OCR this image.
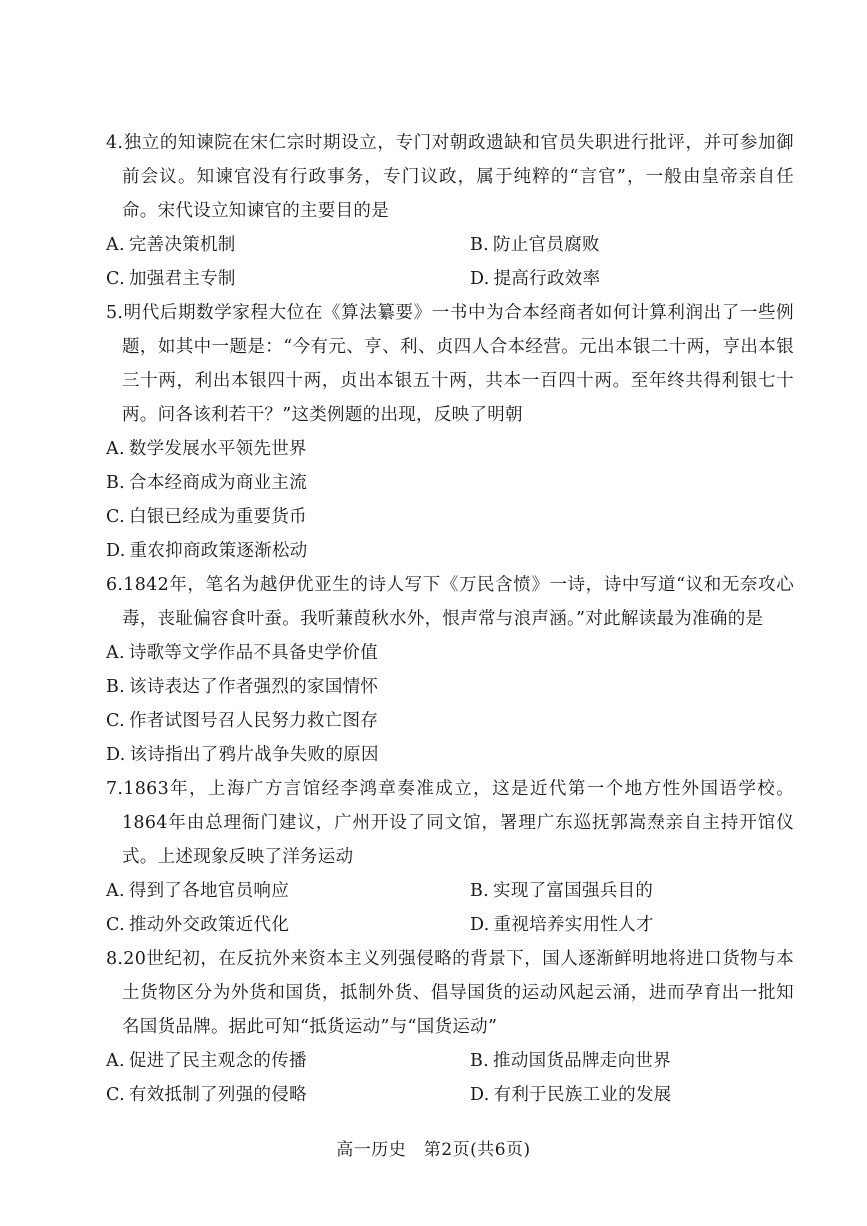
4.独立的知谏院在宋仁宗时期设立，专门对朝政遗缺和官员失职进行批评，并可参加御前会议。知谏官没有行政事务，专门议政，属于纯粹的“言官”，一般由皇帝亲自任命。宋代设立知谏官的主要目的是

A. 完善决策机制	B. 防止官员腐败
C. 加强君主专制	D. 提高行政效率

5.明代后期数学家程大位在《算法纂要》一书中为合本经商者如何计算利润出了一些例题，如其中一题是：“今有元、亨、利、贞四人合本经营。元出本银二十两，亨出本银三十两，利出本银四十两，贞出本银五十两，共本一百四十两。至年终共得利银七十两。问各该利若干？”这类例题的出现，反映了明朝

A. 数学发展水平领先世界
B. 合本经商成为商业主流
C. 白银已经成为重要货币
D. 重农抑商政策逐渐松动

6.1842年，笔名为越伊优亚生的诗人写下《万民含愤》一诗，诗中写道“议和无奈攻心毒，丧耻偏容食叶蚕。我听蒹葭秋水外，恨声常与浪声涵。”对此解读最为准确的是

A. 诗歌等文学作品不具备史学价值
B. 该诗表达了作者强烈的家国情怀
C. 作者试图号召人民努力救亡图存
D. 该诗指出了鸦片战争失败的原因

7.1863年，上海广方言馆经李鸿章奏准成立，这是近代第一个地方性外国语学校。1864年由总理衙门建议，广州开设了同文馆，署理广东巡抚郭嵩焘亲自主持开馆仪式。上述现象反映了洋务运动

A. 得到了各地官员响应	B. 实现了富国强兵目的
C. 推动外交政策近代化	D. 重视培养实用性人才

8.20世纪初，在反抗外来资本主义列强侵略的背景下，国人逐渐鲜明地将进口货物与本土货物区分为外货和国货，抵制外货、倡导国货的运动风起云涌，进而孕育出一批知名国货品牌。据此可知“抵货运动”与“国货运动”

A. 促进了民主观念的传播	B. 推动国货品牌走向世界
C. 有效抵制了列强的侵略	D. 有利于民族工业的发展
高一历史　第2页(共6页)
